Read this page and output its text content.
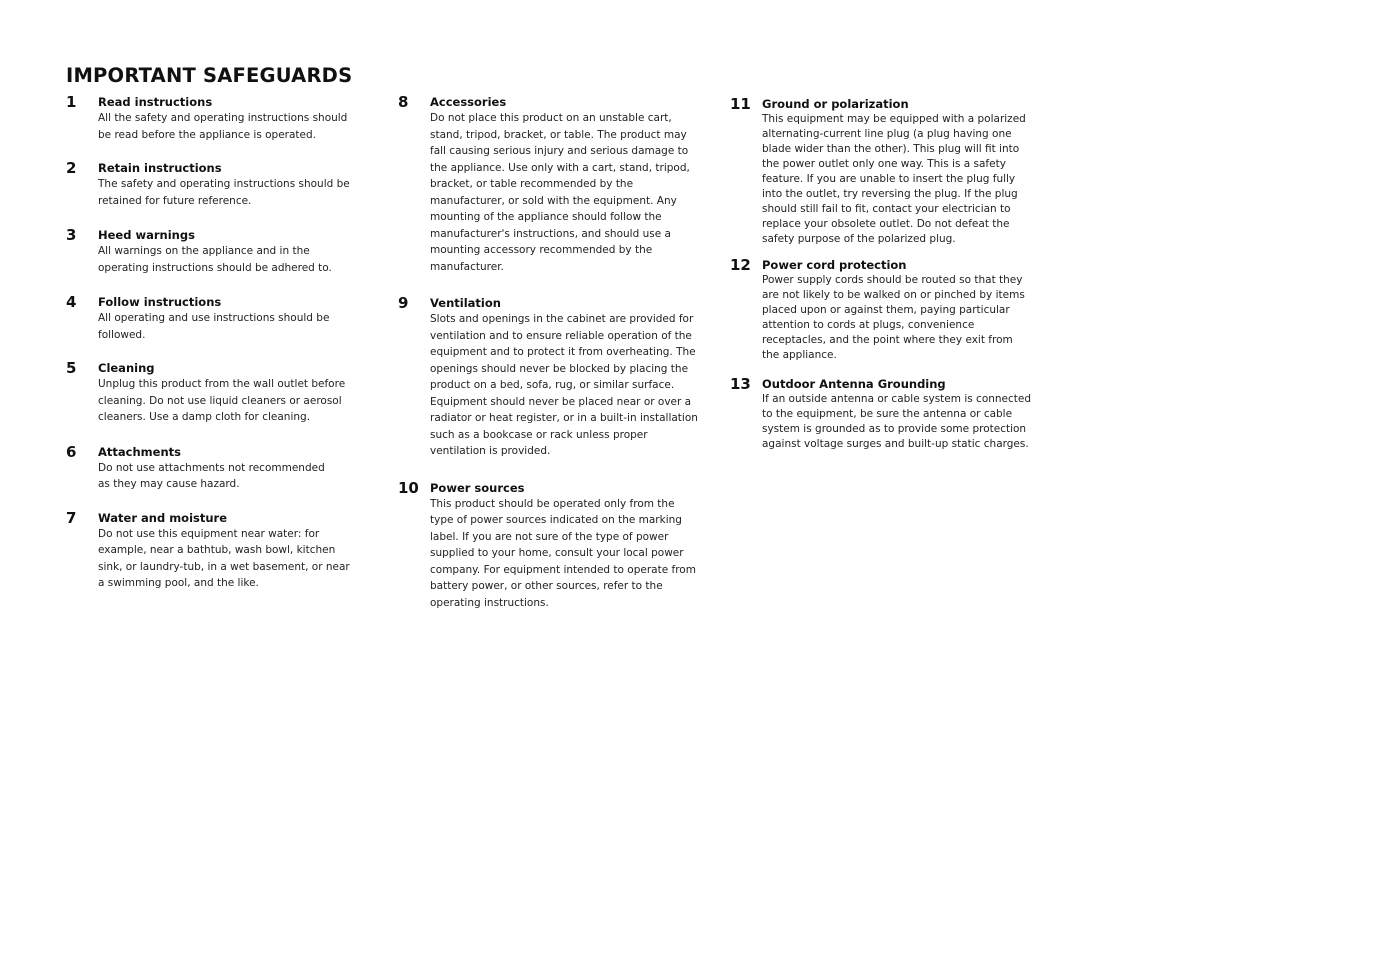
IMPORTANT SAFEGUARDS
1 Read instructions
All the safety and operating instructions should
be read before the appliance is operated.
2 Retain instructions
The safety and operating instructions should be
retained for future reference.
3 Heed warnings
All warnings on the appliance and in the
operating instructions should be adhered to.
4 Follow instructions
All operating and use instructions should be
followed.
5 Cleaning
Unplug this product from the wall outlet before
cleaning. Do not use liquid cleaners or aerosol
cleaners. Use a damp cloth for cleaning.
6 Attachments
Do not use attachments not recommended
as they may cause hazard.
7 Water and moisture
Do not use this equipment near water: for
example, near a bathtub, wash bowl, kitchen
sink, or laundry-tub, in a wet basement, or near
a swimming pool, and the like.
8 Accessories
Do not place this product on an unstable cart,
stand, tripod, bracket, or table. The product may
fall causing serious injury and serious damage to
the appliance. Use only with a cart, stand, tripod,
bracket, or table recommended by the
manufacturer, or sold with the equipment. Any
mounting of the appliance should follow the
manufacturer's instructions, and should use a
mounting accessory recommended by the
manufacturer.
9 Ventilation
Slots and openings in the cabinet are provided for
ventilation and to ensure reliable operation of the
equipment and to protect it from overheating. The
openings should never be blocked by placing the
product on a bed, sofa, rug, or similar surface.
Equipment should never be placed near or over a
radiator or heat register, or in a built-in installation
such as a bookcase or rack unless proper
ventilation is provided.
10 Power sources
This product should be operated only from the
type of power sources indicated on the marking
label. If you are not sure of the type of power
supplied to your home, consult your local power
company. For equipment intended to operate from
battery power, or other sources, refer to the
operating instructions.
11 Ground or polarization
This equipment may be equipped with a polarized
alternating-current line plug (a plug having one
blade wider than the other). This plug will fit into
the power outlet only one way. This is a safety
feature. If you are unable to insert the plug fully
into the outlet, try reversing the plug. If the plug
should still fail to fit, contact your electrician to
replace your obsolete outlet. Do not defeat the
safety purpose of the polarized plug.
12 Power cord protection
Power supply cords should be routed so that they
are not likely to be walked on or pinched by items
placed upon or against them, paying particular
attention to cords at plugs, convenience
receptacles, and the point where they exit from
the appliance.
13 Outdoor Antenna Grounding
If an outside antenna or cable system is connected
to the equipment, be sure the antenna or cable
system is grounded as to provide some protection
against voltage surges and built-up static charges.
